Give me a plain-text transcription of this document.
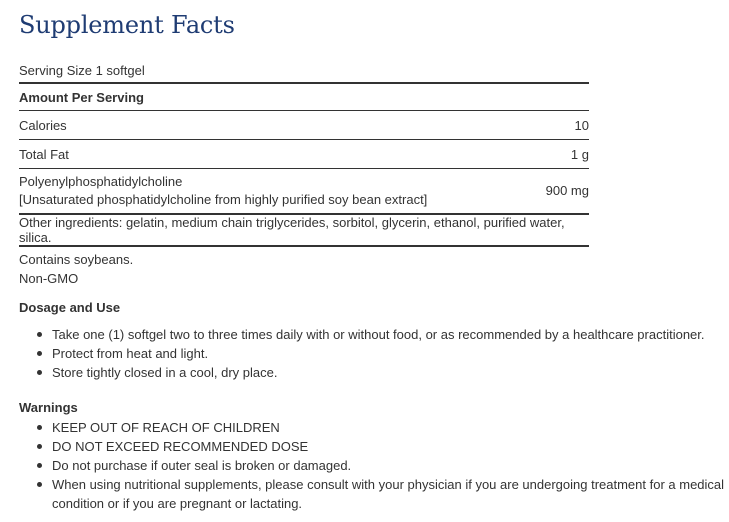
Supplement Facts
Serving Size 1 softgel
Amount Per Serving
Calories	10
Total Fat	1 g
Polyenylphosphatidylcholine
[Unsaturated phosphatidylcholine from highly purified soy bean extract]
900 mg
Other ingredients: gelatin, medium chain triglycerides, sorbitol, glycerin, ethanol, purified water, silica.
Contains soybeans.
Non-GMO
Dosage and Use
Take one (1) softgel two to three times daily with or without food, or as recommended by a healthcare practitioner.
Protect from heat and light.
Store tightly closed in a cool, dry place.
Warnings
KEEP OUT OF REACH OF CHILDREN
DO NOT EXCEED RECOMMENDED DOSE
Do not purchase if outer seal is broken or damaged.
When using nutritional supplements, please consult with your physician if you are undergoing treatment for a medical condition or if you are pregnant or lactating.
